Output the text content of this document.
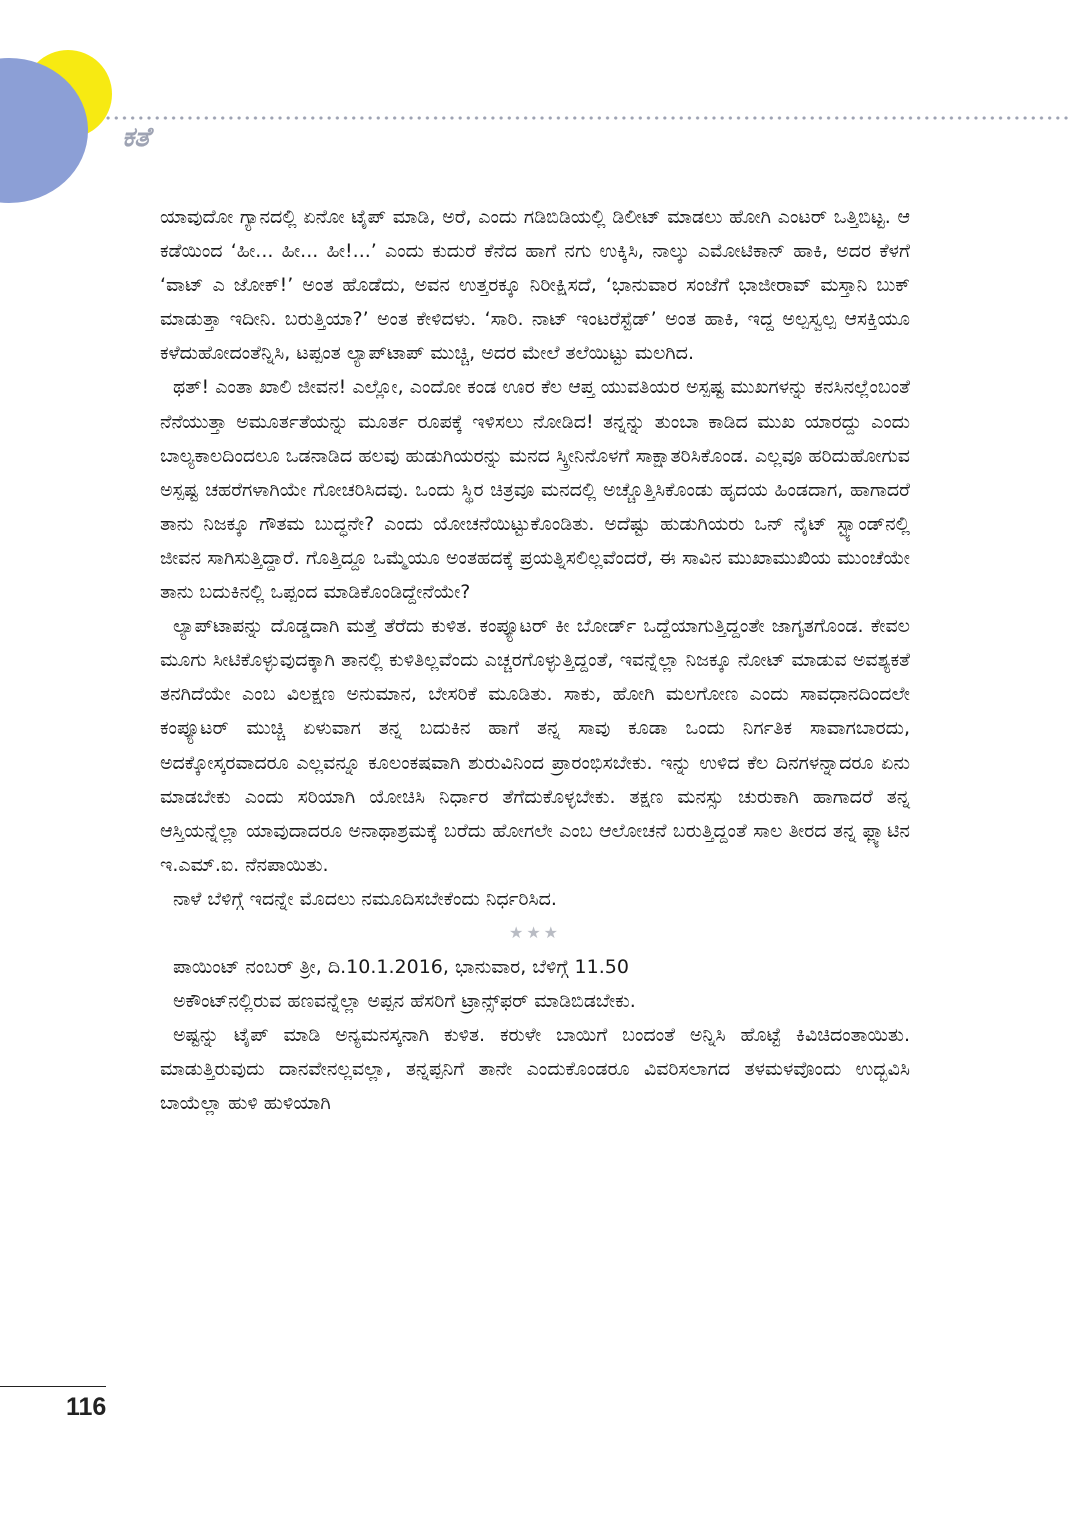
ಕತೆ

ಯಾವುದೋ ಗ್ಯಾನದಲ್ಲಿ ಏನೋ ಟೈಪ್ ಮಾಡಿ, ಅರೆ, ಎಂದು ಗಡಿಬಿಡಿಯಲ್ಲಿ ಡಿಲೀಟ್ ಮಾಡಲು ಹೋಗಿ ಎಂಟರ್ ಒತ್ತಿಬಿಟ್ಟ. ಆ ಕಡೆಯಿಂದ ‘ಹೀ... ಹೀ... ಹೀ!...’ ಎಂದು ಕುದುರೆ ಕೆನೆದ ಹಾಗೆ ನಗು ಉಕ್ಕಿಸಿ, ನಾಲ್ಕು ಎಮೋಟಿಕಾನ್ ಹಾಕಿ, ಅದರ ಕೆಳಗೆ ‘ವಾಟ್ ಎ ಜೋಕ್!’ ಅಂತ ಹೊಡೆದು, ಅವನ ಉತ್ತರಕ್ಕೂ ನಿರೀಕ್ಷಿಸದೆ, ‘ಭಾನುವಾರ ಸಂಜೆಗೆ ಭಾಜೀರಾವ್ ಮಸ್ತಾನಿ ಬುಕ್ ಮಾಡುತ್ತಾ ಇದೀನಿ. ಬರುತ್ತಿಯಾ?’ ಅಂತ ಕೇಳಿದಳು. ‘ಸಾರಿ. ನಾಟ್ ಇಂಟರೆಸ್ಟೆಡ್’ ಅಂತ ಹಾಕಿ, ಇದ್ದ ಅಲ್ಪಸ್ವಲ್ಪ ಆಸಕ್ತಿಯೂ ಕಳೆದುಹೋದಂತೆನ್ನಿಸಿ, ಟಪ್ಪಂತ ಲ್ಯಾಪ್‌ಟಾಪ್ ಮುಚ್ಚಿ, ಅದರ ಮೇಲೆ ತಲೆಯಿಟ್ಟು ಮಲಗಿದ.

ಥತ್! ಎಂತಾ ಖಾಲಿ ಜೀವನ! ಎಲ್ಲೋ, ಎಂದೋ ಕಂಡ ಊರ ಕೆಲ ಆಪ್ತ ಯುವತಿಯರ ಅಸ್ಪಷ್ಟ ಮುಖಗಳನ್ನು ಕನಸಿನಲ್ಲೆಂಬಂತೆ ನೆನೆಯುತ್ತಾ ಅಮೂರ್ತತೆಯನ್ನು ಮೂರ್ತ ರೂಪಕ್ಕೆ ಇಳಿಸಲು ನೋಡಿದ! ತನ್ನನ್ನು ತುಂಬಾ ಕಾಡಿದ ಮುಖ ಯಾರದ್ದು ಎಂದು ಬಾಲ್ಯಕಾಲದಿಂದಲೂ ಒಡನಾಡಿದ ಹಲವು ಹುಡುಗಿಯರನ್ನು ಮನದ ಸ್ಕ್ರೀನಿನೊಳಗೆ ಸಾಕ್ಷಾತರಿಸಿಕೊಂಡ. ಎಲ್ಲವೂ ಹರಿದುಹೋಗುವ ಅಸ್ಪಷ್ಟ ಚಹರೆಗಳಾಗಿಯೇ ಗೋಚರಿಸಿದವು. ಒಂದು ಸ್ಥಿರ ಚಿತ್ರವೂ ಮನದಲ್ಲಿ ಅಚ್ಚೊತ್ತಿಸಿಕೊಂಡು ಹೃದಯ ಹಿಂಡದಾಗ, ಹಾಗಾದರೆ ತಾನು ನಿಜಕ್ಕೂ ಗೌತಮ ಬುದ್ಧನೇ? ಎಂದು ಯೋಚನೆಯಿಟ್ಟುಕೊಂಡಿತು. ಅದೆಷ್ಟು ಹುಡುಗಿಯರು ಒನ್ ನೈಟ್ ಸ್ಟ್ಯಾಂಡ್‌ನಲ್ಲಿ ಜೀವನ ಸಾಗಿಸುತ್ತಿದ್ದಾರೆ. ಗೊತ್ತಿದ್ದೂ ಒಮ್ಮೆಯೂ ಅಂತಹದಕ್ಕೆ ಪ್ರಯತ್ನಿಸಲಿಲ್ಲವೆಂದರೆ, ಈ ಸಾವಿನ ಮುಖಾಮುಖಿಯ ಮುಂಚೆಯೇ ತಾನು ಬದುಕಿನಲ್ಲಿ ಒಪ್ಪಂದ ಮಾಡಿಕೊಂಡಿದ್ದೇನೆಯೇ?

ಲ್ಯಾಪ್‌ಟಾಪನ್ನು ದೊಡ್ಡದಾಗಿ ಮತ್ತೆ ತೆರೆದು ಕುಳಿತ. ಕಂಪ್ಯೂಟರ್ ಕೀ ಬೋರ್ಡ್ ಒದ್ದೆಯಾಗುತ್ತಿದ್ದಂತೇ ಜಾಗೃತಗೊಂಡ. ಕೇವಲ ಮೂಗು ಸೀಟಿಕೊಳ್ಳುವುದಕ್ಕಾಗಿ ತಾನಲ್ಲಿ ಕುಳಿತಿಲ್ಲವೆಂದು ಎಚ್ಚರಗೊಳ್ಳುತ್ತಿದ್ದಂತೆ, ಇವನ್ನೆಲ್ಲಾ ನಿಜಕ್ಕೂ ನೋಟ್ ಮಾಡುವ ಅವಶ್ಯಕತೆ ತನಗಿದೆಯೇ ಎಂಬ ವಿಲಕ್ಷಣ ಅನುಮಾನ, ಬೇಸರಿಕೆ ಮೂಡಿತು. ಸಾಕು, ಹೋಗಿ ಮಲಗೋಣ ಎಂದು ಸಾವಧಾನದಿಂದಲೇ ಕಂಪ್ಯೂಟರ್ ಮುಚ್ಚಿ ಏಳುವಾಗ ತನ್ನ ಬದುಕಿನ ಹಾಗೆ ತನ್ನ ಸಾವು ಕೂಡಾ ಒಂದು ನಿರ್ಗತಿಕ ಸಾವಾಗಬಾರದು, ಅದಕ್ಕೋಸ್ಕರವಾದರೂ ಎಲ್ಲವನ್ನೂ ಕೂಲಂಕಷವಾಗಿ ಶುರುವಿನಿಂದ ಪ್ರಾರಂಭಿಸಬೇಕು. ಇನ್ನು ಉಳಿದ ಕೆಲ ದಿನಗಳನ್ನಾದರೂ ಏನು ಮಾಡಬೇಕು ಎಂದು ಸರಿಯಾಗಿ ಯೋಚಿಸಿ ನಿರ್ಧಾರ ತೆಗೆದುಕೊಳ್ಳಬೇಕು. ತಕ್ಷಣ ಮನಸ್ಸು ಚುರುಕಾಗಿ ಹಾಗಾದರೆ ತನ್ನ ಆಸ್ತಿಯನ್ನೆಲ್ಲಾ ಯಾವುದಾದರೂ ಅನಾಥಾಶ್ರಮಕ್ಕೆ ಬರೆದು ಹೋಗಲೇ ಎಂಬ ಆಲೋಚನೆ ಬರುತ್ತಿದ್ದಂತೆ ಸಾಲ ತೀರದ ತನ್ನ ಫ್ಲ್ಯಾಟಿನ ಇ.ಎಮ್.ಐ. ನೆನಪಾಯಿತು.

ನಾಳೆ ಬೆಳಿಗ್ಗೆ ಇದನ್ನೇ ಮೊದಲು ನಮೂದಿಸಬೇಕೆಂದು ನಿರ್ಧರಿಸಿದ.

★★★

ಪಾಯಿಂಟ್ ನಂಬರ್ ತ್ರೀ, ದಿ.10.1.2016, ಭಾನುವಾರ, ಬೆಳಿಗ್ಗೆ 11.50

ಅಕೌಂಟ್‌ನಲ್ಲಿರುವ ಹಣವನ್ನೆಲ್ಲಾ ಅಪ್ಪನ ಹೆಸರಿಗೆ ಟ್ರಾನ್ಸ್‌ಫರ್ ಮಾಡಿಬಿಡಬೇಕು.

ಅಷ್ಟನ್ನು ಟೈಪ್ ಮಾಡಿ ಅನ್ಯಮನಸ್ಕನಾಗಿ ಕುಳಿತ. ಕರುಳೇ ಬಾಯಿಗೆ ಬಂದಂತೆ ಅನ್ನಿಸಿ ಹೊಟ್ಟೆ ಕಿವಿಚಿದಂತಾಯಿತು. ಮಾಡುತ್ತಿರುವುದು ದಾನವೇನಲ್ಲವಲ್ಲಾ, ತನ್ನಪ್ಪನಿಗೆ ತಾನೇ ಎಂದುಕೊಂಡರೂ ವಿವರಿಸಲಾಗದ ತಳಮಳವೊಂದು ಉದ್ಭವಿಸಿ ಬಾಯೆಲ್ಲಾ ಹುಳಿ ಹುಳಿಯಾಗಿ

116
